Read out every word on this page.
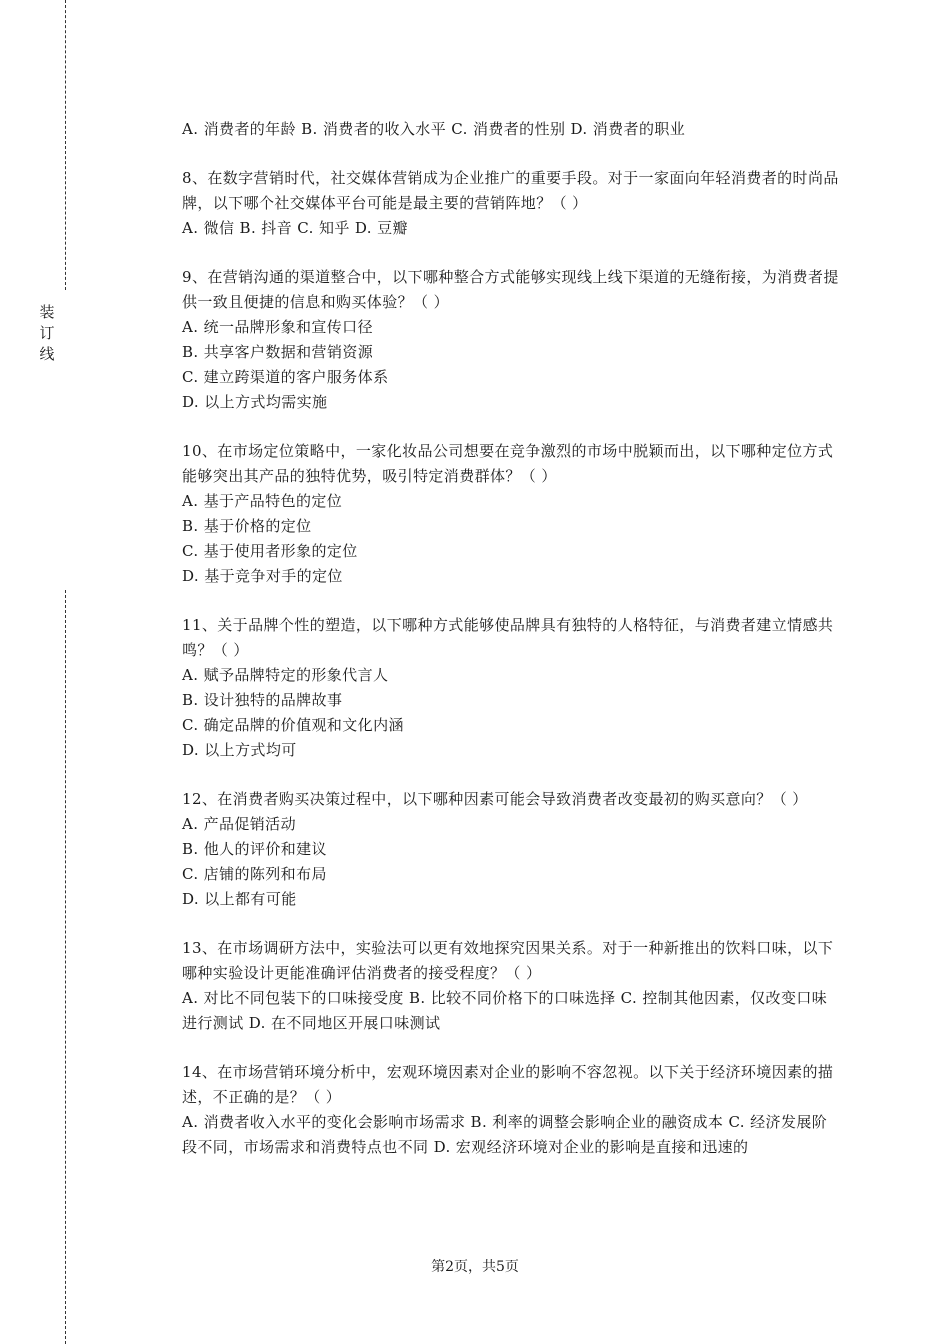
装
订
线

A. 消费者的年龄 B. 消费者的收入水平 C. 消费者的性别 D. 消费者的职业

8、在数字营销时代，社交媒体营销成为企业推广的重要手段。对于一家面向年轻消费者的时尚品牌，以下哪个社交媒体平台可能是最主要的营销阵地？（ ）

A. 微信 B. 抖音 C. 知乎 D. 豆瓣

9、在营销沟通的渠道整合中，以下哪种整合方式能够实现线上线下渠道的无缝衔接，为消费者提供一致且便捷的信息和购买体验？（ ）

A. 统一品牌形象和宣传口径

B. 共享客户数据和营销资源

C. 建立跨渠道的客户服务体系

D. 以上方式均需实施

10、在市场定位策略中，一家化妆品公司想要在竞争激烈的市场中脱颖而出，以下哪种定位方式能够突出其产品的独特优势，吸引特定消费群体？（ ）

A. 基于产品特色的定位

B. 基于价格的定位

C. 基于使用者形象的定位

D. 基于竞争对手的定位

11、关于品牌个性的塑造，以下哪种方式能够使品牌具有独特的人格特征，与消费者建立情感共鸣？（ ）

A. 赋予品牌特定的形象代言人

B. 设计独特的品牌故事

C. 确定品牌的价值观和文化内涵

D. 以上方式均可

12、在消费者购买决策过程中，以下哪种因素可能会导致消费者改变最初的购买意向？（ ）

A. 产品促销活动

B. 他人的评价和建议

C. 店铺的陈列和布局

D. 以上都有可能

13、在市场调研方法中，实验法可以更有效地探究因果关系。对于一种新推出的饮料口味，以下哪种实验设计更能准确评估消费者的接受程度？（ ）

A. 对比不同包装下的口味接受度 B. 比较不同价格下的口味选择 C. 控制其他因素，仅改变口味进行测试 D. 在不同地区开展口味测试

14、在市场营销环境分析中，宏观环境因素对企业的影响不容忽视。以下关于经济环境因素的描述，不正确的是？（ ）

A. 消费者收入水平的变化会影响市场需求 B. 利率的调整会影响企业的融资成本 C. 经济发展阶段不同，市场需求和消费特点也不同 D. 宏观经济环境对企业的影响是直接和迅速的

第2页，共5页
